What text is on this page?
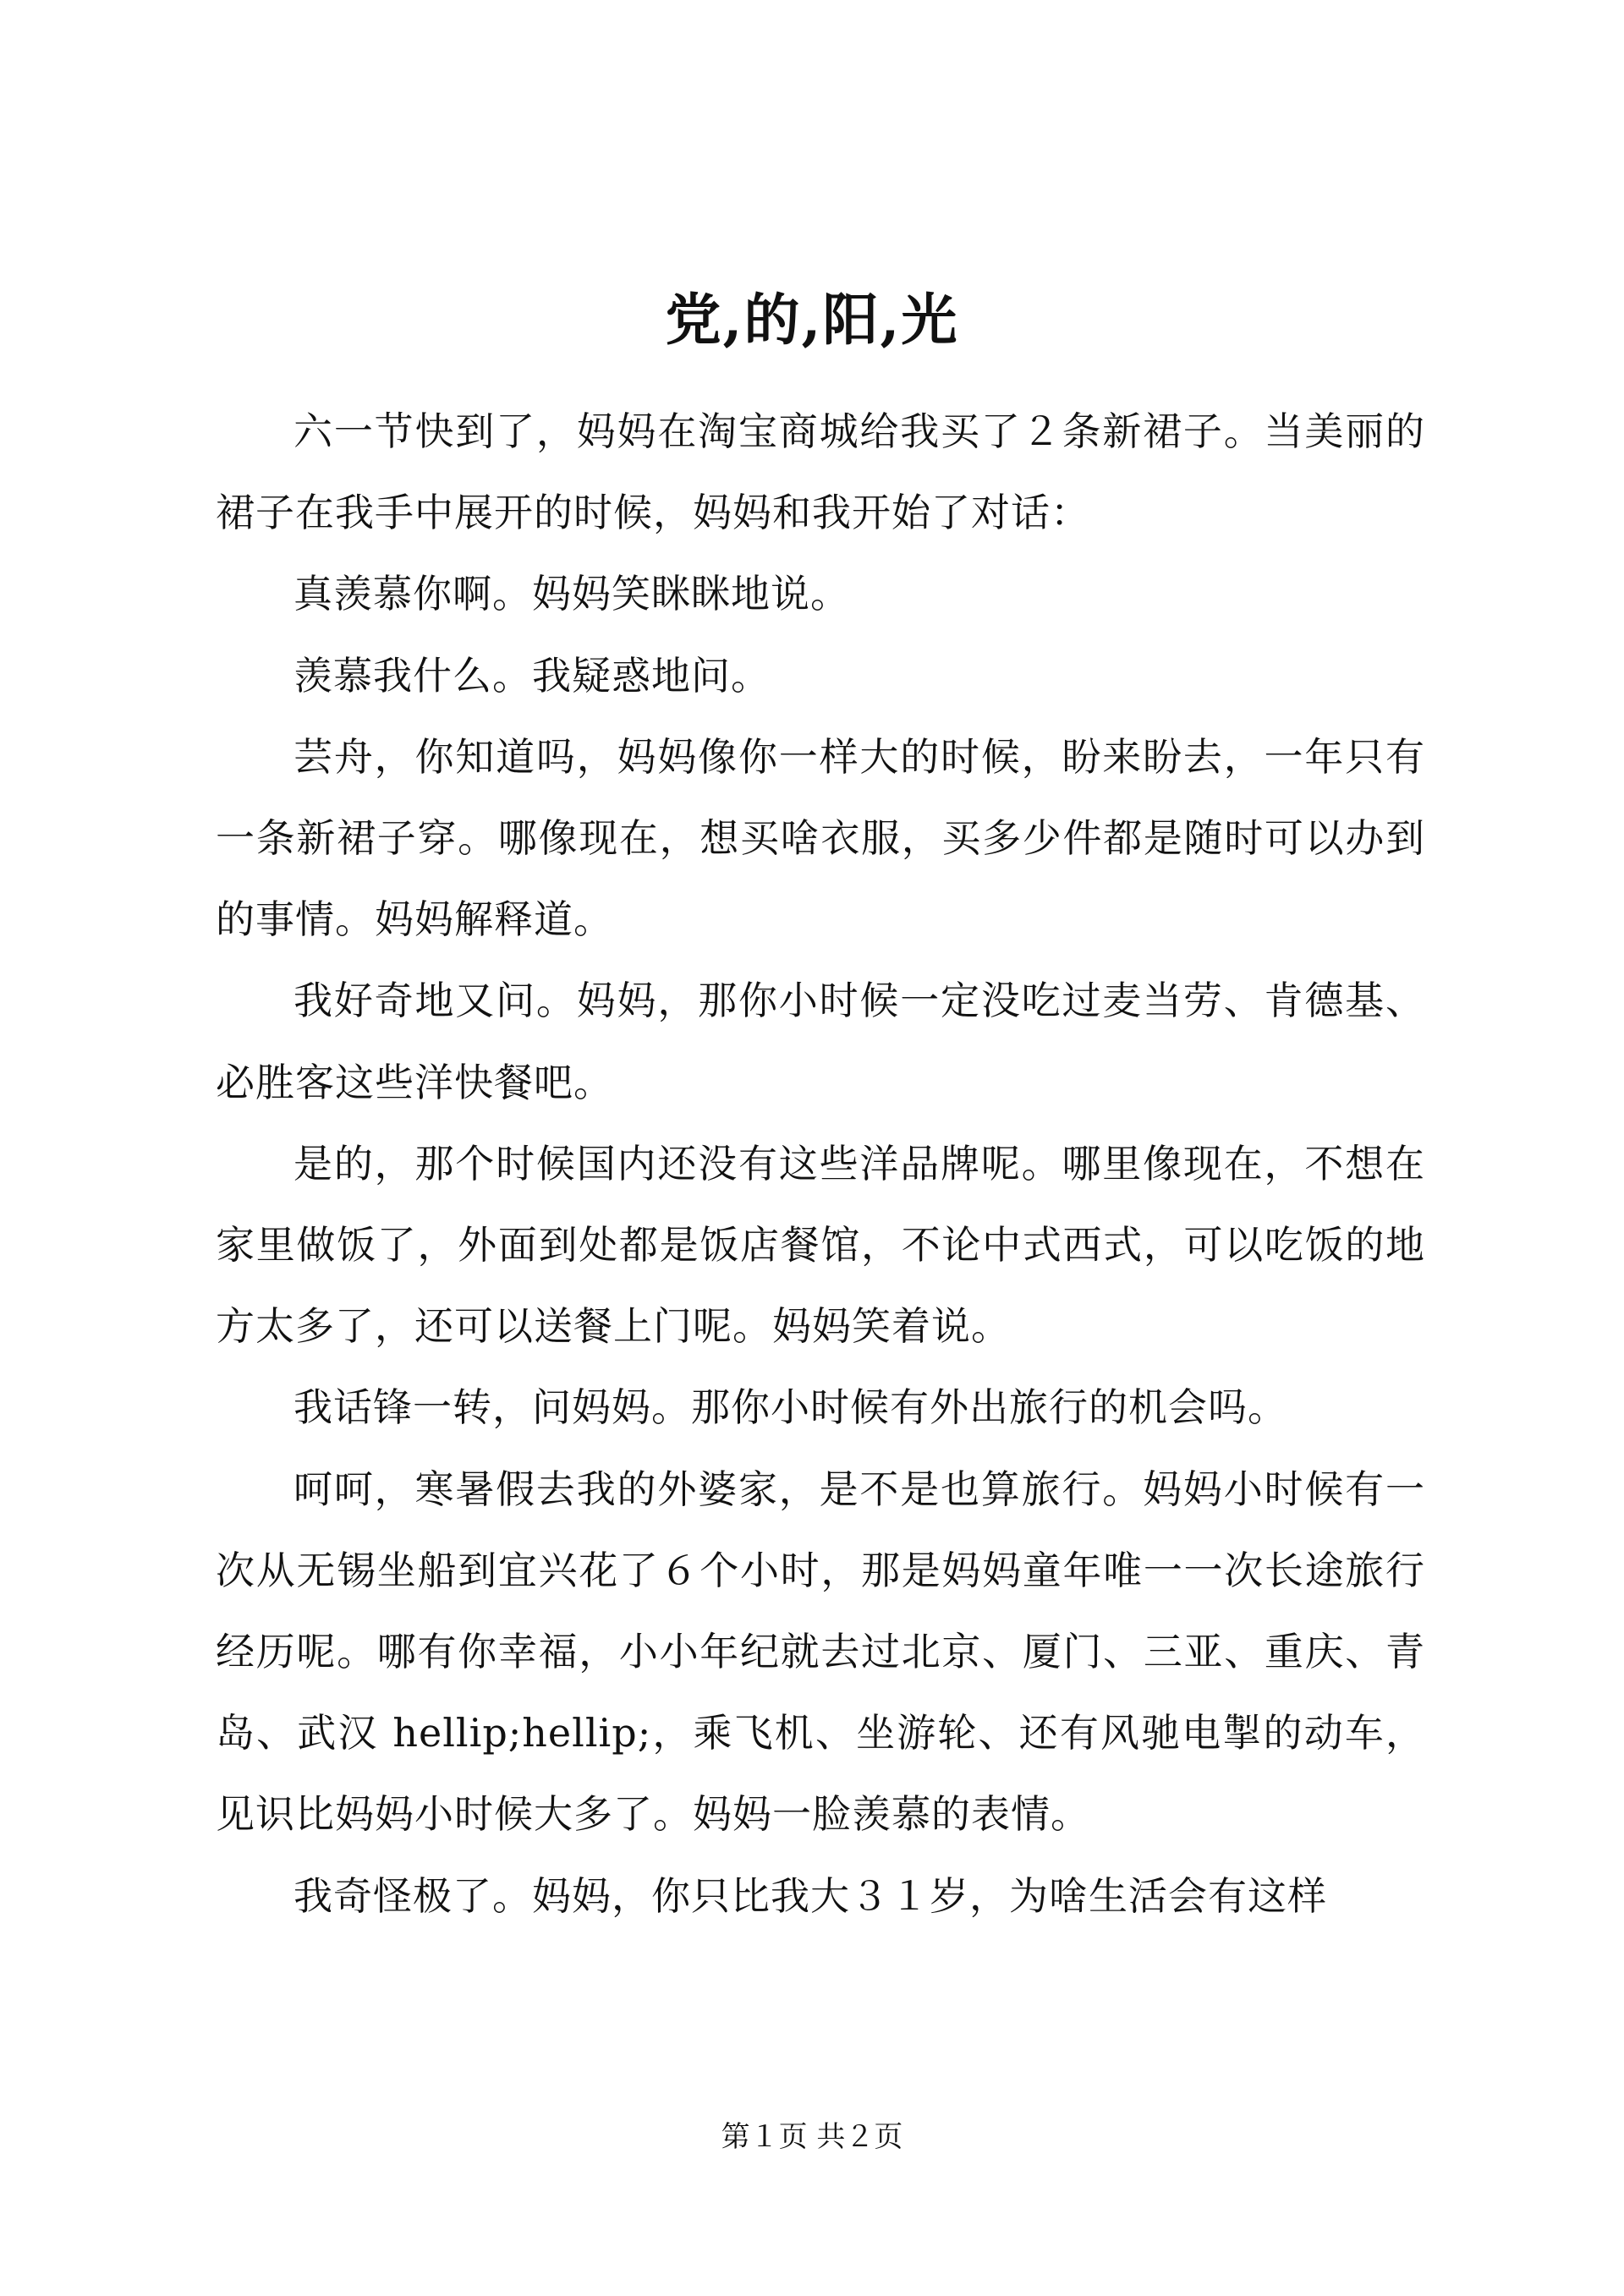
党,的,阳,光

六一节快到了，妈妈在淘宝商城给我买了２条新裙子。当美丽的裙子在我手中展开的时候，妈妈和我开始了对话：

真羡慕你啊。妈妈笑眯眯地说。

羡慕我什么。我疑惑地问。

芸舟，你知道吗，妈妈像你一样大的时候，盼来盼去，一年只有一条新裙子穿。哪像现在，想买啥衣服，买多少件都是随时可以办到的事情。妈妈解释道。

我好奇地又问。妈妈，那你小时候一定没吃过麦当劳、肯德基、必胜客这些洋快餐吧。

是的，那个时候国内还没有这些洋品牌呢。哪里像现在，不想在家里做饭了，外面到处都是饭店餐馆，不论中式西式，可以吃饭的地方太多了，还可以送餐上门呢。妈妈笑着说。

我话锋一转，问妈妈。那你小时候有外出旅行的机会吗。

呵呵，寒暑假去我的外婆家，是不是也算旅行。妈妈小时候有一次从无锡坐船到宜兴花了６个小时，那是妈妈童年唯一一次长途旅行经历呢。哪有你幸福，小小年纪就去过北京、厦门、三亚、重庆、青岛、武汉 hellip;hellip;，乘飞机、坐游轮、还有风驰电掣的动车，见识比妈妈小时候大多了。妈妈一脸羡慕的表情。

我奇怪极了。妈妈，你只比我大３１岁，为啥生活会有这样

第１页 共２页
